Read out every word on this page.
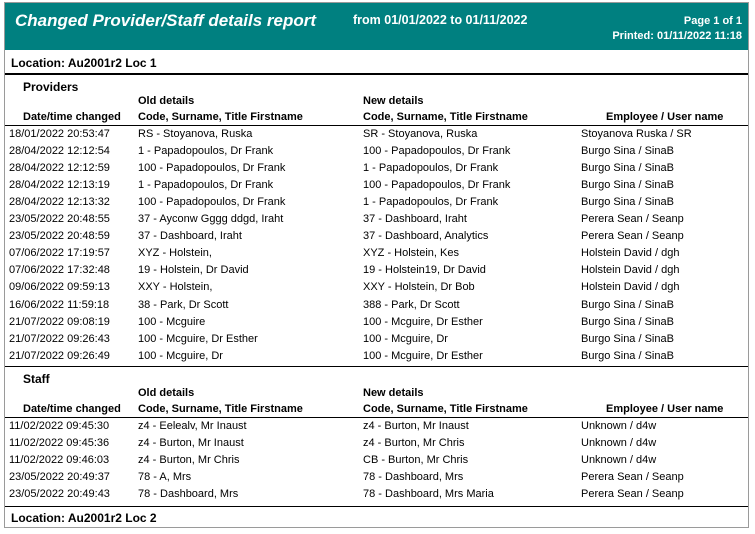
Changed Provider/Staff details report	from 01/01/2022 to 01/11/2022	Page 1 of 1
Printed: 01/11/2022 11:18
Location: Au2001r2 Loc 1
Providers
Old details	New details
Date/time changed Code, Surname, Title Firstname	Code, Surname, Title Firstname	Employee / User name
18/01/2022 20:53:47	RS - Stoyanova, Ruska	SR - Stoyanova, Ruska	Stoyanova Ruska / SR
28/04/2022 12:12:54	1 - Papadopoulos, Dr Frank	100 - Papadopoulos, Dr Frank	Burgo Sina / SinaB
28/04/2022 12:12:59	100 - Papadopoulos, Dr Frank	1 - Papadopoulos, Dr Frank	Burgo Sina / SinaB
28/04/2022 12:13:19	1 - Papadopoulos, Dr Frank	100 - Papadopoulos, Dr Frank	Burgo Sina / SinaB
28/04/2022 12:13:32	100 - Papadopoulos, Dr Frank	1 - Papadopoulos, Dr Frank	Burgo Sina / SinaB
23/05/2022 20:48:55	37 - Ayconw Gggg ddgd, Iraht	37 - Dashboard, Iraht	Perera Sean / Seanp
23/05/2022 20:48:59	37 - Dashboard, Iraht	37 - Dashboard, Analytics	Perera Sean / Seanp
07/06/2022 17:19:57	XYZ - Holstein,	XYZ - Holstein, Kes	Holstein David / dgh
07/06/2022 17:32:48	19 - Holstein, Dr David	19 - Holstein19, Dr David	Holstein David / dgh
09/06/2022 09:59:13	XXY - Holstein,	XXY - Holstein, Dr Bob	Holstein David / dgh
16/06/2022 11:59:18	38 - Park, Dr Scott	388 - Park, Dr Scott	Burgo Sina / SinaB
21/07/2022 09:08:19	100 - Mcguire	100 - Mcguire, Dr Esther	Burgo Sina / SinaB
21/07/2022 09:26:43	100 - Mcguire, Dr Esther	100 - Mcguire, Dr	Burgo Sina / SinaB
21/07/2022 09:26:49	100 - Mcguire, Dr	100 - Mcguire, Dr Esther	Burgo Sina / SinaB
Staff
Old details	New details
Date/time changed Code, Surname, Title Firstname	Code, Surname, Title Firstname	Employee / User name
11/02/2022 09:45:30	z4 - Eelealv, Mr Inaust	z4 - Burton, Mr Inaust	Unknown / d4w
11/02/2022 09:45:36	z4 - Burton, Mr Inaust	z4 - Burton, Mr Chris	Unknown / d4w
11/02/2022 09:46:03	z4 - Burton, Mr Chris	CB - Burton, Mr Chris	Unknown / d4w
23/05/2022 20:49:37	78 - A, Mrs	78 - Dashboard, Mrs	Perera Sean / Seanp
23/05/2022 20:49:43	78 - Dashboard, Mrs	78 - Dashboard, Mrs Maria	Perera Sean / Seanp
Location: Au2001r2 Loc 2
